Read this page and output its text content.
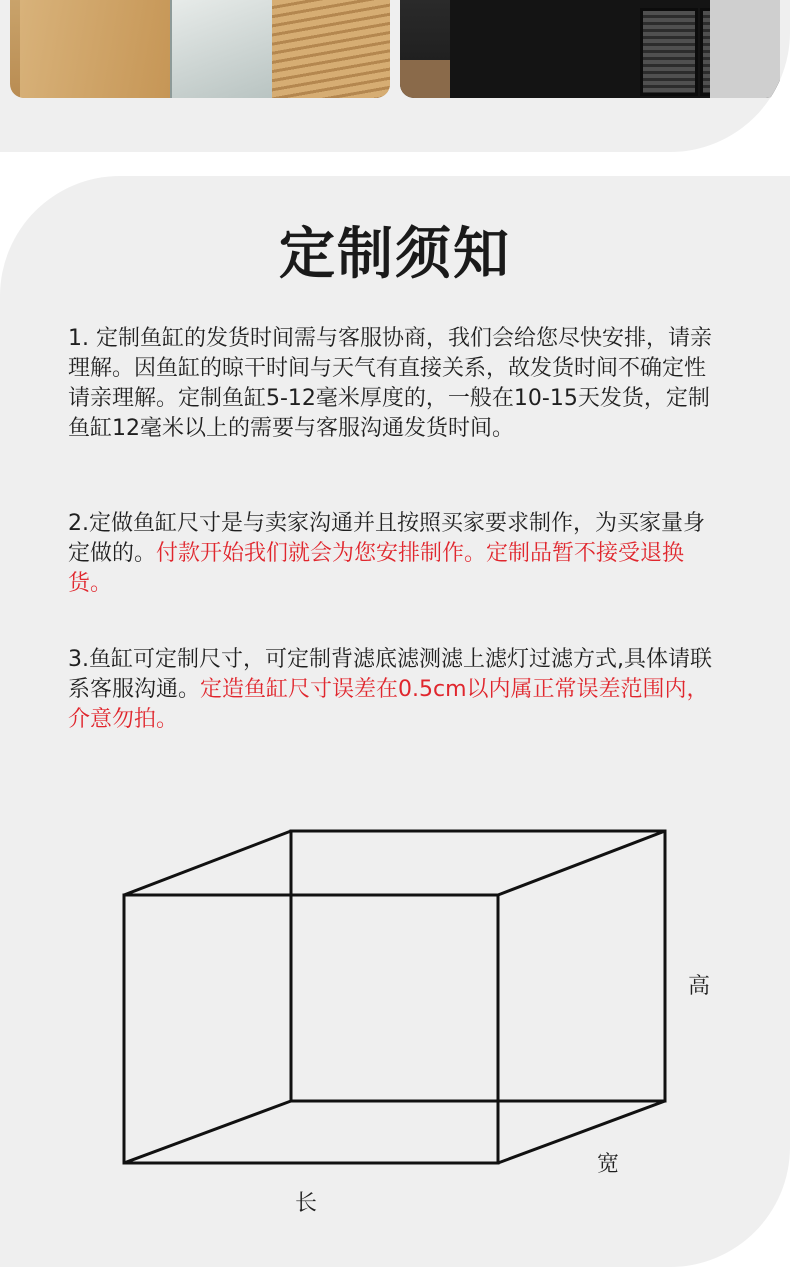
定制须知

1. 定制鱼缸的发货时间需与客服协商，我们会给您尽快安排，请亲理解。因鱼缸的晾干时间与天气有直接关系，故发货时间不确定性请亲理解。定制鱼缸5-12毫米厚度的，一般在10-15天发货，定制鱼缸12毫米以上的需要与客服沟通发货时间。

2.定做鱼缸尺寸是与卖家沟通并且按照买家要求制作，为买家量身定做的。付款开始我们就会为您安排制作。定制品暂不接受退换货。

3.鱼缸可定制尺寸，可定制背滤底滤测滤上滤灯过滤方式,具体请联系客服沟通。定造鱼缸尺寸误差在0.5cm以内属正常误差范围内，介意勿拍。

高
宽
长
